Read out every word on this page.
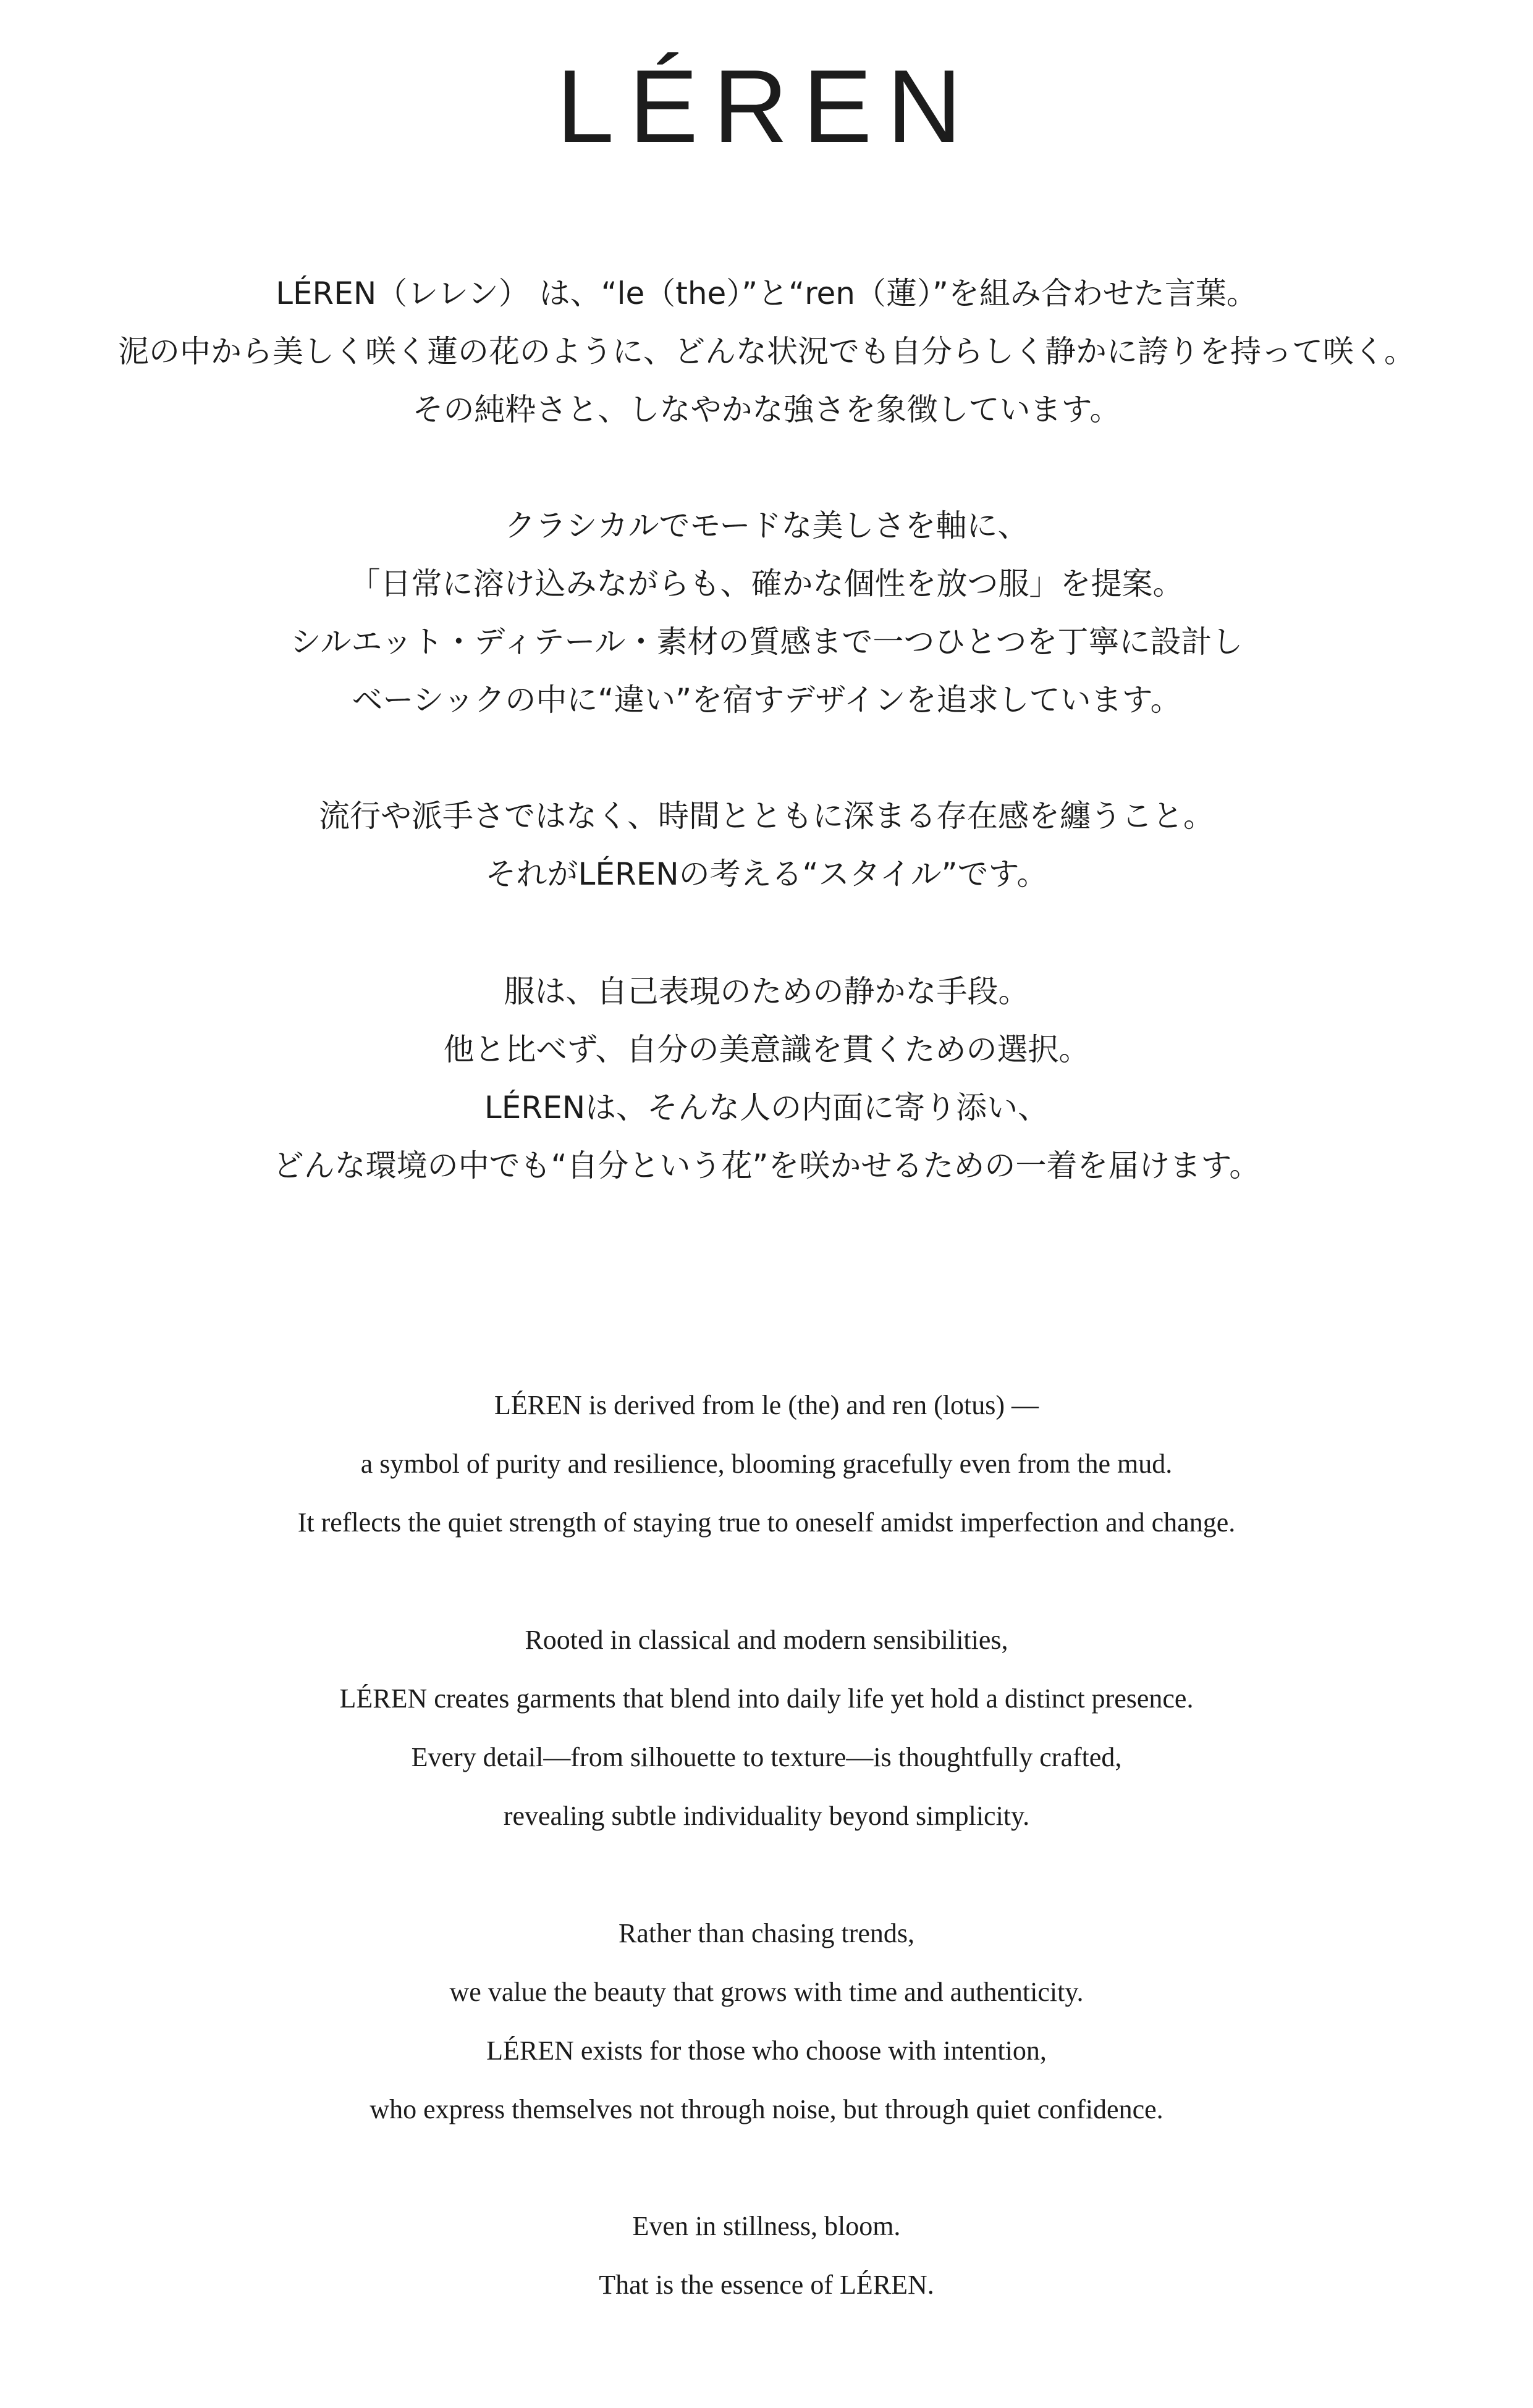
LÉREN

LÉREN（レレン） は、“le（the）”と“ren（蓮）”を組み合わせた言葉。

泥の中から美しく咲く蓮の花のように、どんな状況でも自分らしく静かに誇りを持って咲く。

その純粋さと、しなやかな強さを象徴しています。

クラシカルでモードな美しさを軸に、

「日常に溶け込みながらも、確かな個性を放つ服」を提案。

シルエット・ディテール・素材の質感まで一つひとつを丁寧に設計し

ベーシックの中に“違い”を宿すデザインを追求しています。

流行や派手さではなく、時間とともに深まる存在感を纏うこと。

それがLÉRENの考える“スタイル”です。

服は、自己表現のための静かな手段。

他と比べず、自分の美意識を貫くための選択。

LÉRENは、そんな人の内面に寄り添い、

どんな環境の中でも“自分という花”を咲かせるための一着を届けます。

LÉREN is derived from le (the) and ren (lotus) —

a symbol of purity and resilience, blooming gracefully even from the mud.

It reflects the quiet strength of staying true to oneself amidst imperfection and change.

Rooted in classical and modern sensibilities,

LÉREN creates garments that blend into daily life yet hold a distinct presence.

Every detail—from silhouette to texture—is thoughtfully crafted,

revealing subtle individuality beyond simplicity.

Rather than chasing trends,

we value the beauty that grows with time and authenticity.

LÉREN exists for those who choose with intention,

who express themselves not through noise, but through quiet confidence.

Even in stillness, bloom.

That is the essence of LÉREN.
